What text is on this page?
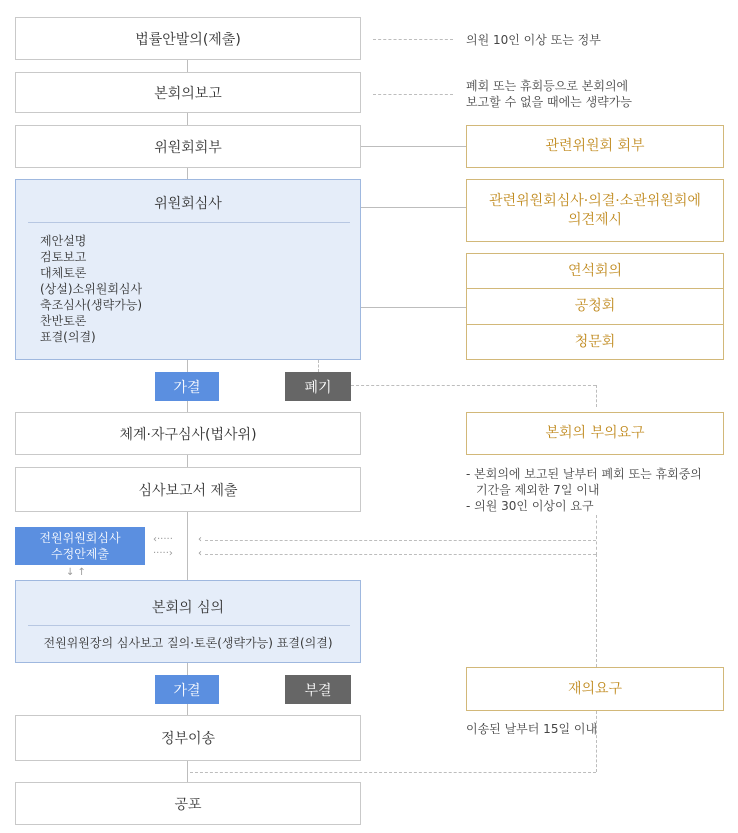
‹·····
·····›
‹
‹
↓ ↑
법률안발의(제출)
본회의보고
위원회회부
위원회심사
제안설명
검토보고
대체토론
(상설)소위원회심사
축조심사(생략가능)
찬반토론
표결(의결)
가결	폐기
체계·자구심사(법사위)
심사보고서 제출
전원위원회심사
수정안제출
본회의 심의
전원위원장의 심사보고 질의·토론(생략가능) 표결(의결)
가결	부결
정부이송
공포
의원 10인 이상 또는 정부
폐회 또는 휴회등으로 본회의에
보고할 수 없을 때에는 생략가능
관련위원회 회부
관련위원회심사·의결·소관위원회에
의견제시
연석회의
공청회
청문회
본회의 부의요구
- 본회의에 보고된 날부터 폐회 또는 휴회중의
기간을 제외한 7일 이내
- 의원 30인 이상이 요구
재의요구
이송된 날부터 15일 이내
